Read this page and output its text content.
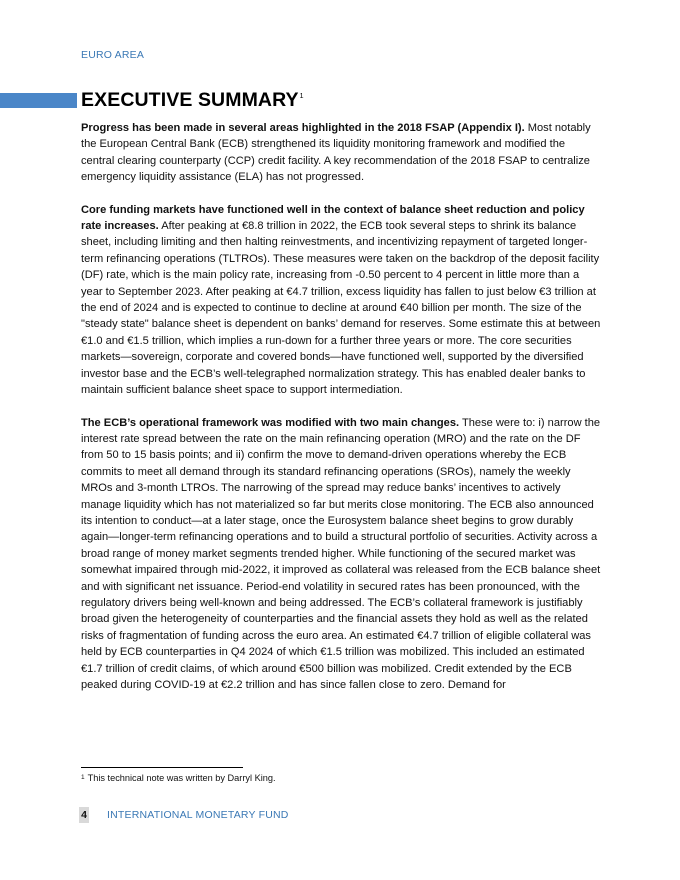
EURO AREA
EXECUTIVE SUMMARY$^1$

Progress has been made in several areas highlighted in the 2018 FSAP (Appendix I). Most notably the European Central Bank (ECB) strengthened its liquidity monitoring framework and modified the central clearing counterparty (CCP) credit facility. A key recommendation of the 2018 FSAP to centralize emergency liquidity assistance (ELA) has not progressed.

Core funding markets have functioned well in the context of balance sheet reduction and policy rate increases. After peaking at €8.8 trillion in 2022, the ECB took several steps to shrink its balance sheet, including limiting and then halting reinvestments, and incentivizing repayment of targeted longer-term refinancing operations (TLTROs). These measures were taken on the backdrop of the deposit facility (DF) rate, which is the main policy rate, increasing from -0.50 percent to 4 percent in little more than a year to September 2023. After peaking at €4.7 trillion, excess liquidity has fallen to just below €3 trillion at the end of 2024 and is expected to continue to decline at around €40 billion per month. The size of the "steady state" balance sheet is dependent on banks’ demand for reserves. Some estimate this at between €1.0 and €1.5 trillion, which implies a run-down for a further three years or more. The core securities markets—sovereign, corporate and covered bonds—have functioned well, supported by the diversified investor base and the ECB’s well-telegraphed normalization strategy. This has enabled dealer banks to maintain sufficient balance sheet space to support intermediation.

The ECB’s operational framework was modified with two main changes. These were to: i) narrow the interest rate spread between the rate on the main refinancing operation (MRO) and the rate on the DF from 50 to 15 basis points; and ii) confirm the move to demand-driven operations whereby the ECB commits to meet all demand through its standard refinancing operations (SROs), namely the weekly MROs and 3-month LTROs. The narrowing of the spread may reduce banks’ incentives to actively manage liquidity which has not materialized so far but merits close monitoring. The ECB also announced its intention to conduct—at a later stage, once the Eurosystem balance sheet begins to grow durably again—longer-term refinancing operations and to build a structural portfolio of securities. Activity across a broad range of money market segments trended higher. While functioning of the secured market was somewhat impaired through mid-2022, it improved as collateral was released from the ECB balance sheet and with significant net issuance. Period-end volatility in secured rates has been pronounced, with the regulatory drivers being well-known and being addressed. The ECB’s collateral framework is justifiably broad given the heterogeneity of counterparties and the financial assets they hold as well as the related risks of fragmentation of funding across the euro area. An estimated €4.7 trillion of eligible collateral was held by ECB counterparties in Q4 2024 of which €1.5 trillion was mobilized. This included an estimated €1.7 trillion of credit claims, of which around €500 billion was mobilized. Credit extended by the ECB peaked during COVID-19 at €2.2 trillion and has since fallen close to zero. Demand for

$^1$ This technical note was written by Darryl King.
4 INTERNATIONAL MONETARY FUND
